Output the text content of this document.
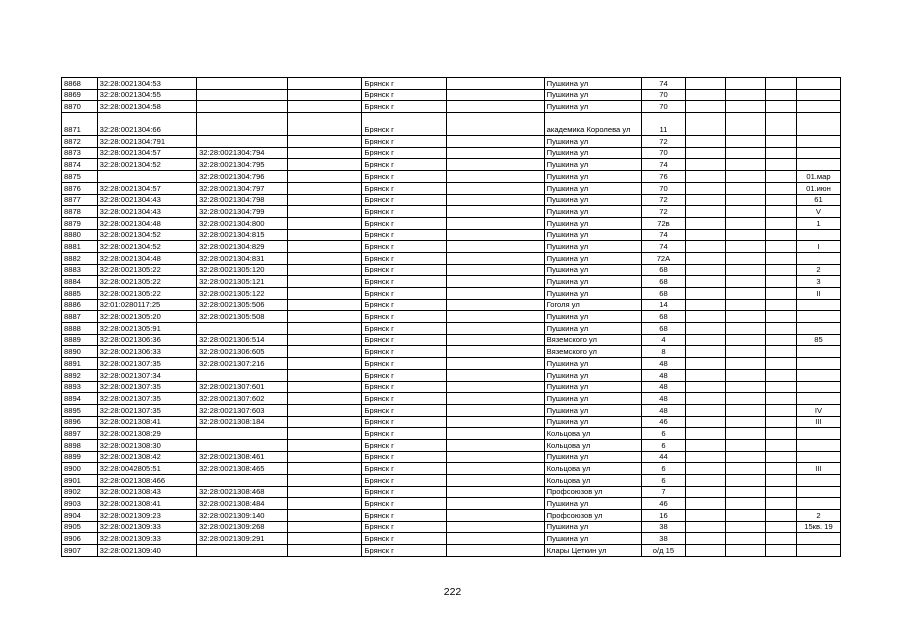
8868	32:28:0021304:53			Брянск г		Пушкина ул	74				
8869	32:28:0021304:55			Брянск г		Пушкина ул	70				
8870	32:28:0021304:58			Брянск г		Пушкина ул	70				
8871	32:28:0021304:66			Брянск г		академика Королева ул	11				
8872	32:28:0021304:791			Брянск г		Пушкина ул	72				
8873	32:28:0021304:57	32:28:0021304:794		Брянск г		Пушкина ул	70				
8874	32:28:0021304:52	32:28:0021304:795		Брянск г		Пушкина ул	74				
8875		32:28:0021304:796		Брянск г		Пушкина ул	76				01.мар
8876	32:28:0021304:57	32:28:0021304:797		Брянск г		Пушкина ул	70				01.июн
8877	32:28:0021304:43	32:28:0021304:798		Брянск г		Пушкина ул	72				61
8878	32:28:0021304:43	32:28:0021304:799		Брянск г		Пушкина ул	72				V
8879	32:28:0021304:48	32:28:0021304:800		Брянск г		Пушкина ул	72в				1
8880	32:28:0021304:52	32:28:0021304:815		Брянск г		Пушкина ул	74				
8881	32:28:0021304:52	32:28:0021304:829		Брянск г		Пушкина ул	74				I
8882	32:28:0021304:48	32:28:0021304:831		Брянск г		Пушкина ул	72А				
8883	32:28:0021305:22	32:28:0021305:120		Брянск г		Пушкина ул	68				2
8884	32:28:0021305:22	32:28:0021305:121		Брянск г		Пушкина ул	68				3
8885	32:28:0021305:22	32:28:0021305:122		Брянск г		Пушкина ул	68				II
8886	32:01:0280117:25	32:28:0021305:506		Брянск г		Гоголя ул	14				
8887	32:28:0021305:20	32:28:0021305:508		Брянск г		Пушкина ул	68				
8888	32:28:0021305:91			Брянск г		Пушкина ул	68				
8889	32:28:0021306:36	32:28:0021306:514		Брянск г		Вяземского ул	4				85
8890	32:28:0021306:33	32:28:0021306:605		Брянск г		Вяземского ул	8				
8891	32:28:0021307:35	32:28:0021307:216		Брянск г		Пушкина ул	48				
8892	32:28:0021307:34			Брянск г		Пушкина ул	48				
8893	32:28:0021307:35	32:28:0021307:601		Брянск г		Пушкина ул	48				
8894	32:28:0021307:35	32:28:0021307:602		Брянск г		Пушкина ул	48				
8895	32:28:0021307:35	32:28:0021307:603		Брянск г		Пушкина ул	48				IV
8896	32:28:0021308:41	32:28:0021308:184		Брянск г		Пушкина ул	46				III
8897	32:28:0021308:29			Брянск г		Кольцова ул	6				
8898	32:28:0021308:30			Брянск г		Кольцова ул	6				
8899	32:28:0021308:42	32:28:0021308:461		Брянск г		Пушкина ул	44				
8900	32:28:0042805:51	32:28:0021308:465		Брянск г		Кольцова ул	6				III
8901	32:28:0021308:466			Брянск г		Кольцова ул	6				
8902	32:28:0021308:43	32:28:0021308:468		Брянск г		Профсоюзов ул	7				
8903	32:28:0021308:41	32:28:0021308:484		Брянск г		Пушкина ул	46				
8904	32:28:0021309:23	32:28:0021309:140		Брянск г		Профсоюзов ул	16				2
8905	32:28:0021309:33	32:28:0021309:268		Брянск г		Пушкина ул	38				15кв. 19
8906	32:28:0021309:33	32:28:0021309:291		Брянск г		Пушкина ул	38				
8907	32:28:0021309:40			Брянск г		Клары Цеткин ул	о/д 15				
222
